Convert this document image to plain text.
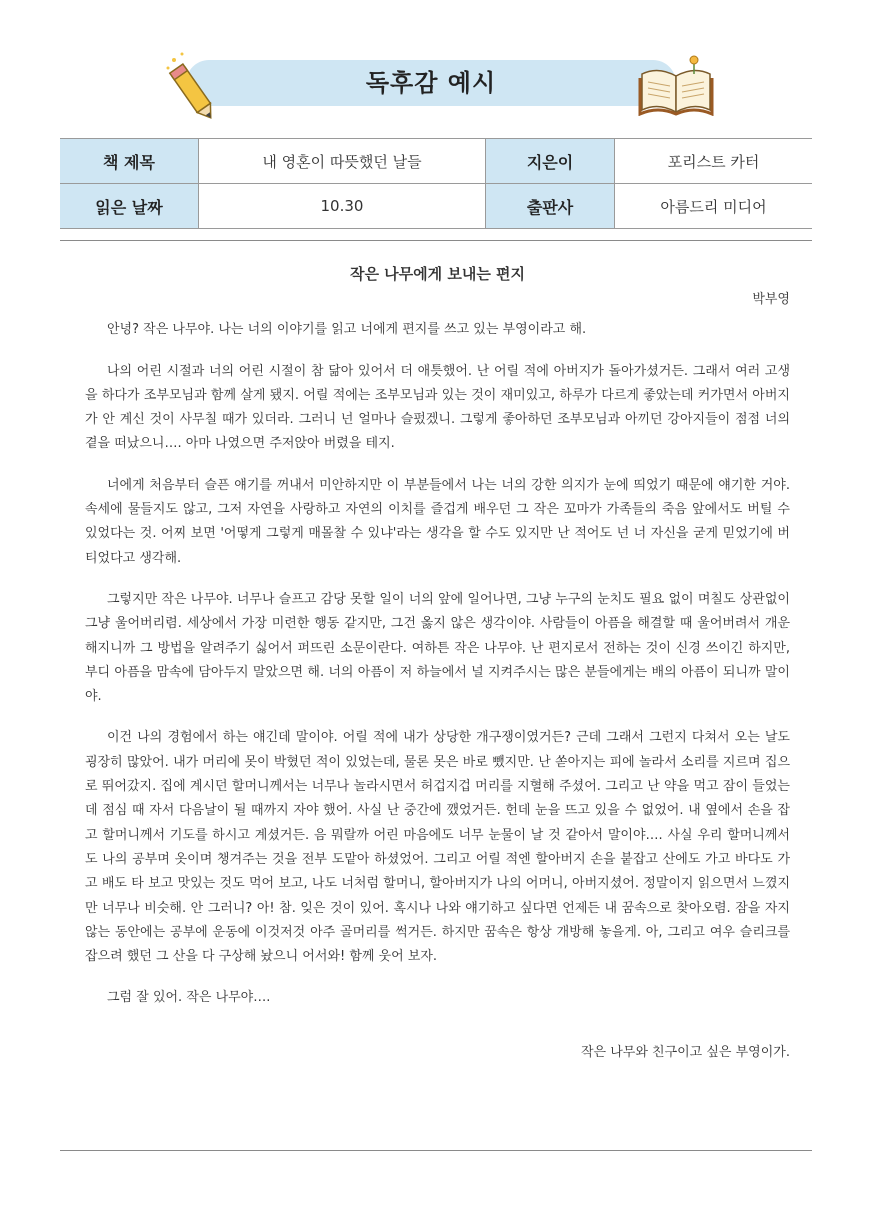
독후감 예시
책 제목	내 영혼이 따뜻했던 날들	지은이	포리스트 카터
읽은 날짜	10.30	출판사	아름드리 미디어

작은 나무에게 보내는 편지

박부영

안녕? 작은 나무야. 나는 너의 이야기를 읽고 너에게 편지를 쓰고 있는 부영이라고 해.

나의 어린 시절과 너의 어린 시절이 참 닮아 있어서 더 애틋했어. 난 어릴 적에 아버지가 돌아가셨거든. 그래서 여러 고생을 하다가 조부모님과 함께 살게 됐지. 어릴 적에는 조부모님과 있는 것이 재미있고, 하루가 다르게 좋았는데 커가면서 아버지가 안 계신 것이 사무칠 때가 있더라. 그러니 넌 얼마나 슬펐겠니. 그렇게 좋아하던 조부모님과 아끼던 강아지들이 점점 너의 곁을 떠났으니…. 아마 나였으면 주저앉아 버렸을 테지.

너에게 처음부터 슬픈 얘기를 꺼내서 미안하지만 이 부분들에서 나는 너의 강한 의지가 눈에 띄었기 때문에 얘기한 거야. 속세에 물들지도 않고, 그저 자연을 사랑하고 자연의 이치를 즐겁게 배우던 그 작은 꼬마가 가족들의 죽음 앞에서도 버틸 수 있었다는 것. 어찌 보면 '어떻게 그렇게 매몰찰 수 있냐'라는 생각을 할 수도 있지만 난 적어도 넌 너 자신을 굳게 믿었기에 버티었다고 생각해.

그렇지만 작은 나무야. 너무나 슬프고 감당 못할 일이 너의 앞에 일어나면, 그냥 누구의 눈치도 필요 없이 며칠도 상관없이 그냥 울어버리렴. 세상에서 가장 미련한 행동 같지만, 그건 옳지 않은 생각이야. 사람들이 아픔을 해결할 때 울어버려서 개운해지니까 그 방법을 알려주기 싫어서 퍼뜨린 소문이란다. 여하튼 작은 나무야. 난 편지로서 전하는 것이 신경 쓰이긴 하지만, 부디 아픔을 맘속에 담아두지 말았으면 해. 너의 아픔이 저 하늘에서 널 지켜주시는 많은 분들에게는 배의 아픔이 되니까 말이야.

이건 나의 경험에서 하는 얘긴데 말이야. 어릴 적에 내가 상당한 개구쟁이였거든? 근데 그래서 그런지 다쳐서 오는 날도 굉장히 많았어. 내가 머리에 못이 박혔던 적이 있었는데, 물론 못은 바로 뺐지만. 난 쏟아지는 피에 놀라서 소리를 지르며 집으로 뛰어갔지. 집에 계시던 할머니께서는 너무나 놀라시면서 허겁지겁 머리를 지혈해 주셨어. 그리고 난 약을 먹고 잠이 들었는데 점심 때 자서 다음날이 될 때까지 자야 했어. 사실 난 중간에 깼었거든. 헌데 눈을 뜨고 있을 수 없었어. 내 옆에서 손을 잡고 할머니께서 기도를 하시고 계셨거든. 음 뭐랄까 어린 마음에도 너무 눈물이 날 것 같아서 말이야…. 사실 우리 할머니께서도 나의 공부며 옷이며 챙겨주는 것을 전부 도맡아 하셨었어. 그리고 어릴 적엔 할아버지 손을 붙잡고 산에도 가고 바다도 가고 배도 타 보고 맛있는 것도 먹어 보고, 나도 너처럼 할머니, 할아버지가 나의 어머니, 아버지셨어. 정말이지 읽으면서 느꼈지만 너무나 비슷해. 안 그러니? 아! 참. 잊은 것이 있어. 혹시나 나와 얘기하고 싶다면 언제든 내 꿈속으로 찾아오렴. 잠을 자지 않는 동안에는 공부에 운동에 이것저것 아주 골머리를 썩거든. 하지만 꿈속은 항상 개방해 놓을게. 아, 그리고 여우 슬리크를 잡으려 했던 그 산을 다 구상해 놨으니 어서와! 함께 웃어 보자.

그럼 잘 있어. 작은 나무야….

작은 나무와 친구이고 싶은 부영이가.
